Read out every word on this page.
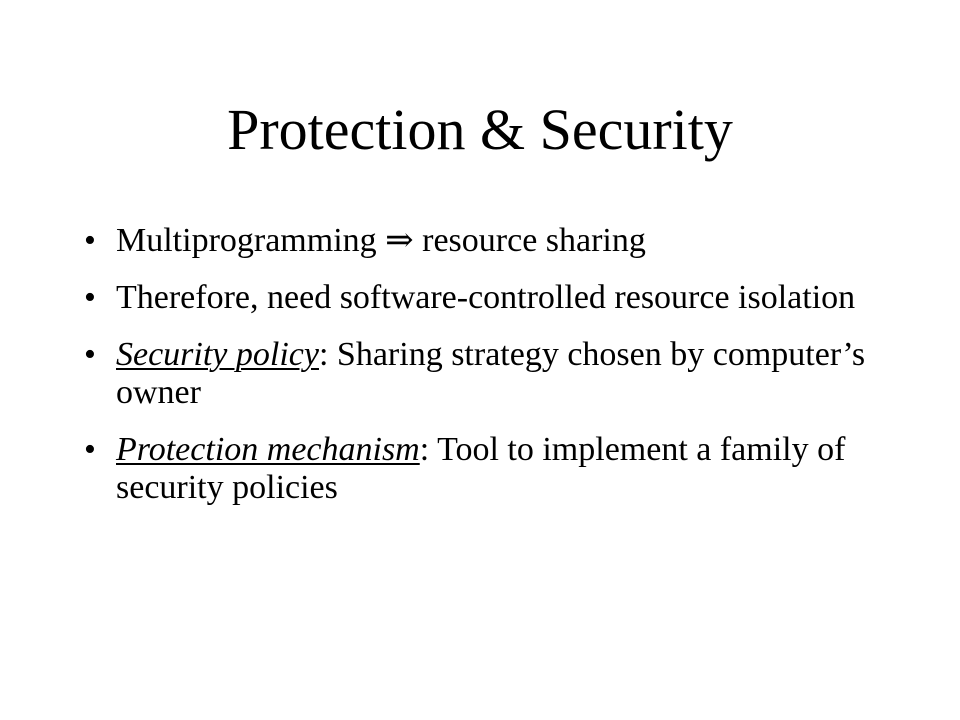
Protection & Security
• Multiprogramming ⇒ resource sharing
• Therefore, need software-controlled resource isolation
• Security policy: Sharing strategy chosen by computer’s owner
• Protection mechanism: Tool to implement a family of security policies
